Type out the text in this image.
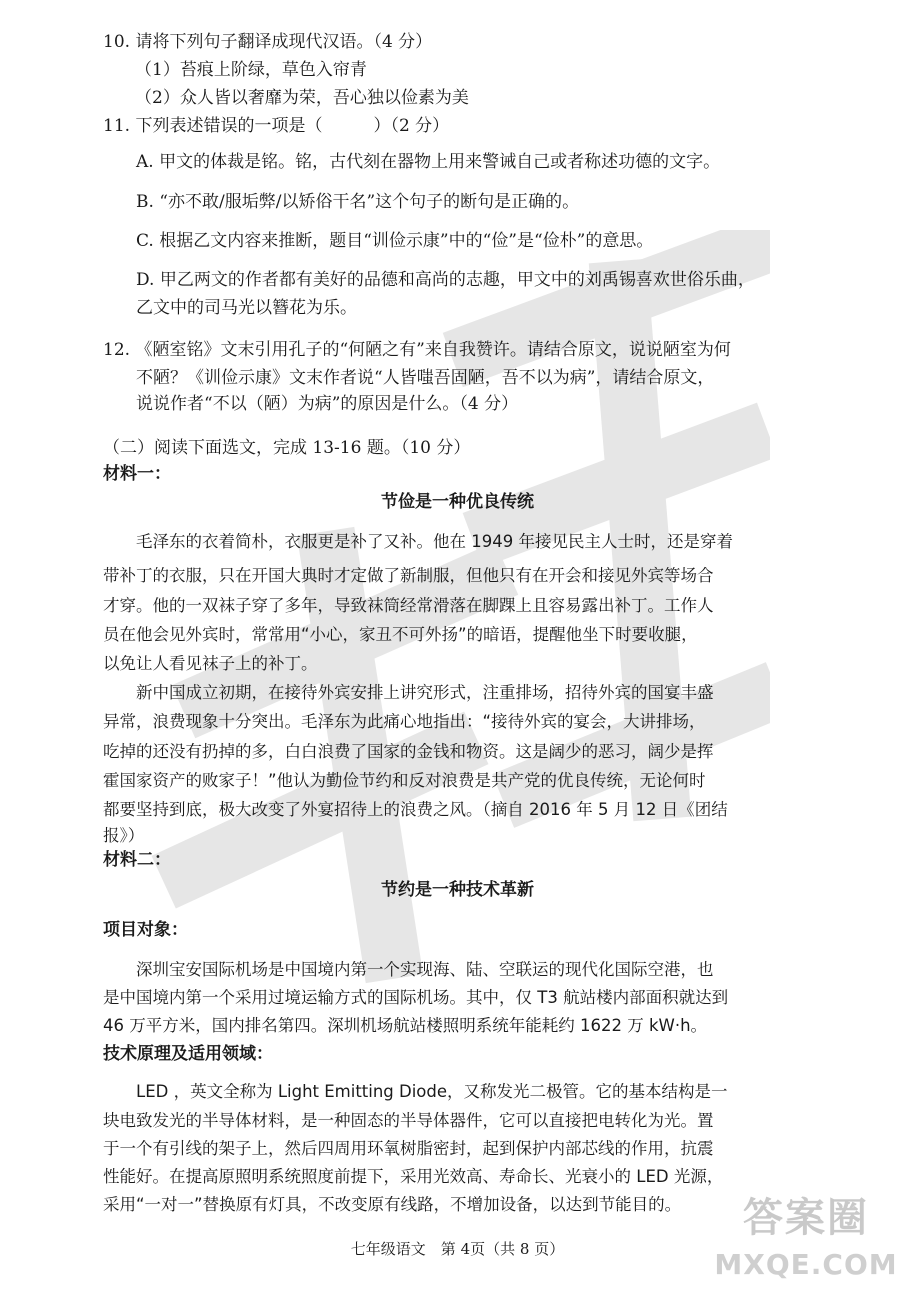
10. 请将下列句子翻译成现代汉语。（4 分）
（1）苔痕上阶绿，草色入帘青
（2）众人皆以奢靡为荣，吾心独以俭素为美
11. 下列表述错误的一项是（　　　）（2 分）
A. 甲文的体裁是铭。铭，古代刻在器物上用来警诫自己或者称述功德的文字。
B. “亦不敢/服垢弊/以矫俗干名”这个句子的断句是正确的。
C. 根据乙文内容来推断，题目“训俭示康”中的“俭”是“俭朴”的意思。
D. 甲乙两文的作者都有美好的品德和高尚的志趣，甲文中的刘禹锡喜欢世俗乐曲，
乙文中的司马光以簪花为乐。
12. 《陋室铭》文末引用孔子的“何陋之有”来自我赞许。请结合原文，说说陋室为何
不陋？《训俭示康》文末作者说“人皆嗤吾固陋，吾不以为病”，请结合原文，
说说作者“不以（陋）为病”的原因是什么。（4 分）
（二）阅读下面选文，完成 13-16 题。（10 分）
材料一：
节俭是一种优良传统
毛泽东的衣着简朴，衣服更是补了又补。他在 1949 年接见民主人士时，还是穿着
带补丁的衣服，只在开国大典时才定做了新制服，但他只有在开会和接见外宾等场合
才穿。他的一双袜子穿了多年，导致袜筒经常滑落在脚踝上且容易露出补丁。工作人
员在他会见外宾时，常常用“小心，家丑不可外扬”的暗语，提醒他坐下时要收腿，
以免让人看见袜子上的补丁。
新中国成立初期，在接待外宾安排上讲究形式，注重排场，招待外宾的国宴丰盛
异常，浪费现象十分突出。毛泽东为此痛心地指出：“接待外宾的宴会，大讲排场，
吃掉的还没有扔掉的多，白白浪费了国家的金钱和物资。这是阔少的恶习，阔少是挥
霍国家资产的败家子！”他认为勤俭节约和反对浪费是共产党的优良传统，无论何时
都要坚持到底，极大改变了外宴招待上的浪费之风。（摘自 2016 年 5 月 12 日《团结
报》）
材料二：
节约是一种技术革新
项目对象：
深圳宝安国际机场是中国境内第一个实现海、陆、空联运的现代化国际空港，也
是中国境内第一个采用过境运输方式的国际机场。其中，仅 T3 航站楼内部面积就达到
46 万平方米，国内排名第四。深圳机场航站楼照明系统年能耗约 1622 万 kW·h。
技术原理及适用领域：
LED ，英文全称为 Light Emitting Diode，又称发光二极管。它的基本结构是一
块电致发光的半导体材料，是一种固态的半导体器件，它可以直接把电转化为光。置
于一个有引线的架子上，然后四周用环氧树脂密封，起到保护内部芯线的作用，抗震
性能好。在提高原照明系统照度前提下，采用光效高、寿命长、光衰小的 LED 光源，
采用“一对一”替换原有灯具，不改变原有线路，不增加设备，以达到节能目的。
七年级语文　第 4页（共 8 页）
答案圈
MXQE.COM
